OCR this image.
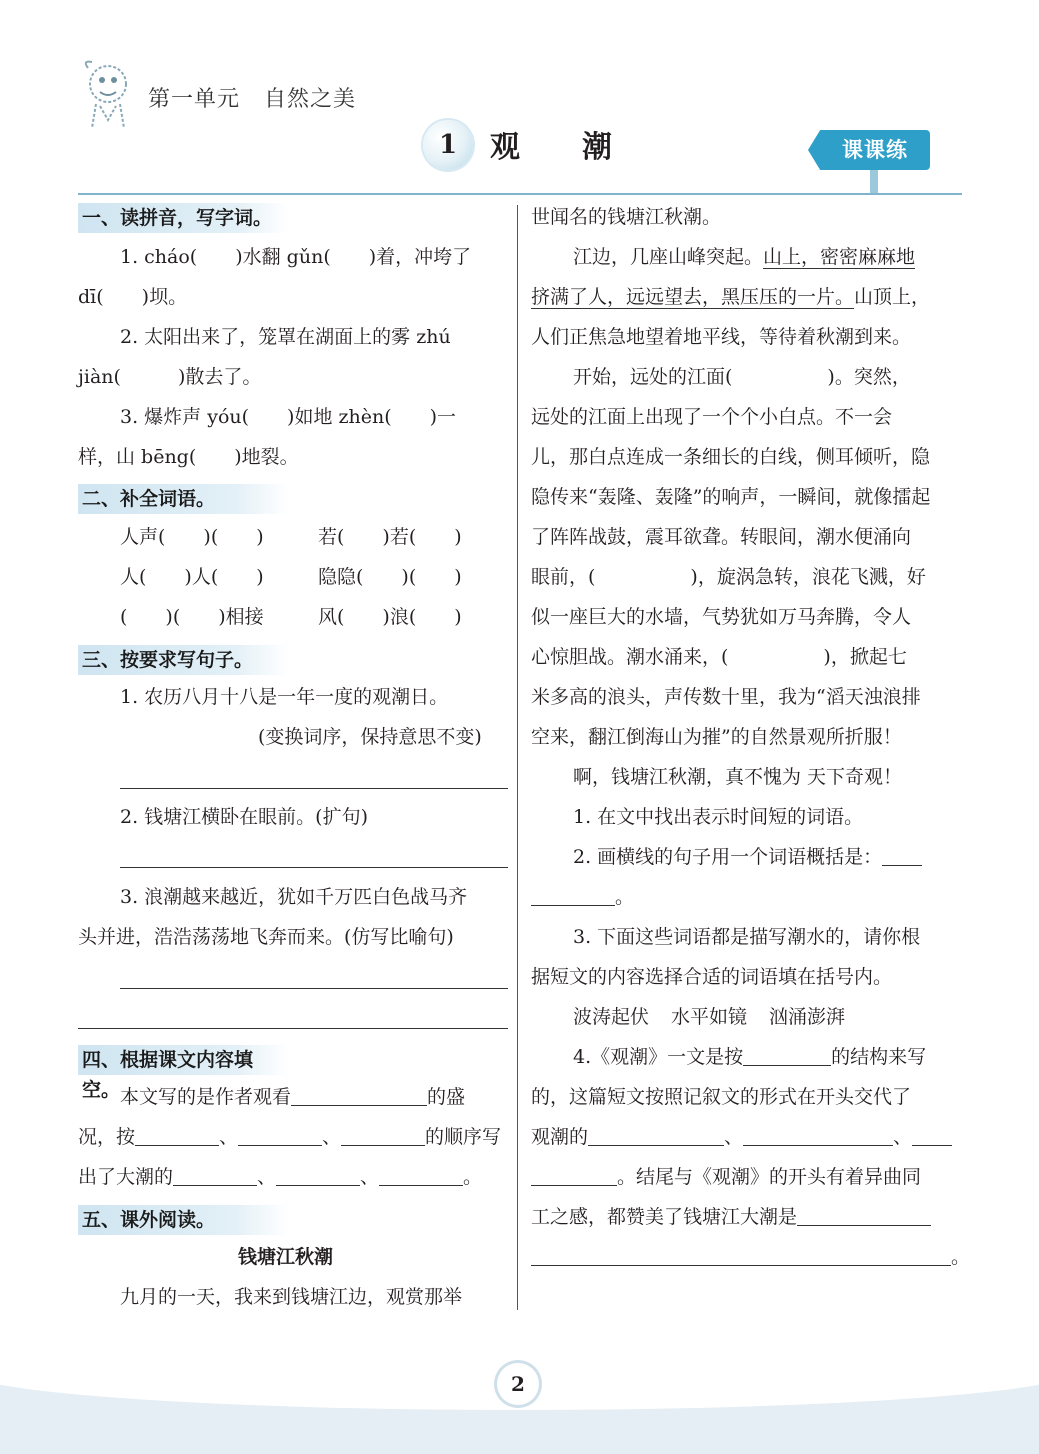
第一单元 自然之美
1	观潮	课课练
一、读拼音，写字词。
1. cháo(　　)水翻 gǔn(　　)着，冲垮了
dī(　　)坝。
2. 太阳出来了，笼罩在湖面上的雾 zhú
jiàn(　　　)散去了。
3. 爆炸声 yóu(　　)如地 zhèn(　　)一
样，山 bēng(　　)地裂。
二、补全词语。
人声(　　)(　　)	若(　　)若(　　)
人(　　)人(　　)	隐隐(　　)(　　)
(　　)(　　)相接	风(　　)浪(　　)
三、按要求写句子。
1. 农历八月十八是一年一度的观潮日。
(变换词序，保持意思不变)
2. 钱塘江横卧在眼前。(扩句)
3. 浪潮越来越近，犹如千万匹白色战马齐
头并进，浩浩荡荡地飞奔而来。(仿写比喻句)
四、根据课文内容填空。 本文写的是作者观看	的盛
况，按	、	、	的顺序写
出了大潮的	、	、	。
五、课外阅读。
钱塘江秋潮
九月的一天，我来到钱塘江边，观赏那举
世闻名的钱塘江秋潮。
江边，几座山峰突起。山上，密密麻麻地
挤满了人，远远望去，黑压压的一片。山顶上，
人们正焦急地望着地平线，等待着秋潮到来。
开始，远处的江面(　　　　　)。突然，
远处的江面上出现了一个个小白点。不一会
儿，那白点连成一条细长的白线，侧耳倾听，隐
隐传来“轰隆、轰隆”的响声，一瞬间，就像擂起
了阵阵战鼓，震耳欲聋。转眼间，潮水便涌向
眼前，(　　　　　)，旋涡急转，浪花飞溅，好
似一座巨大的水墙，气势犹如万马奔腾，令人
心惊胆战。潮水涌来，(　　　　　)，掀起七
米多高的浪头，声传数十里，我为“滔天浊浪排
空来，翻江倒海山为摧”的自然景观所折服！
啊，钱塘江秋潮，真不愧为 天下奇观！
1. 在文中找出表示时间短的词语。
2. 画横线的句子用一个词语概括是：
。
3. 下面这些词语都是描写潮水的，请你根
据短文的内容选择合适的词语填在括号内。
波涛起伏 水平如镜 汹涌澎湃
4.《观潮》一文是按	的结构来写
的，这篇短文按照记叙文的形式在开头交代了
观潮的	、	、
。结尾与《观潮》的开头有着异曲同
工之感，都赞美了钱塘江大潮是
。
2
